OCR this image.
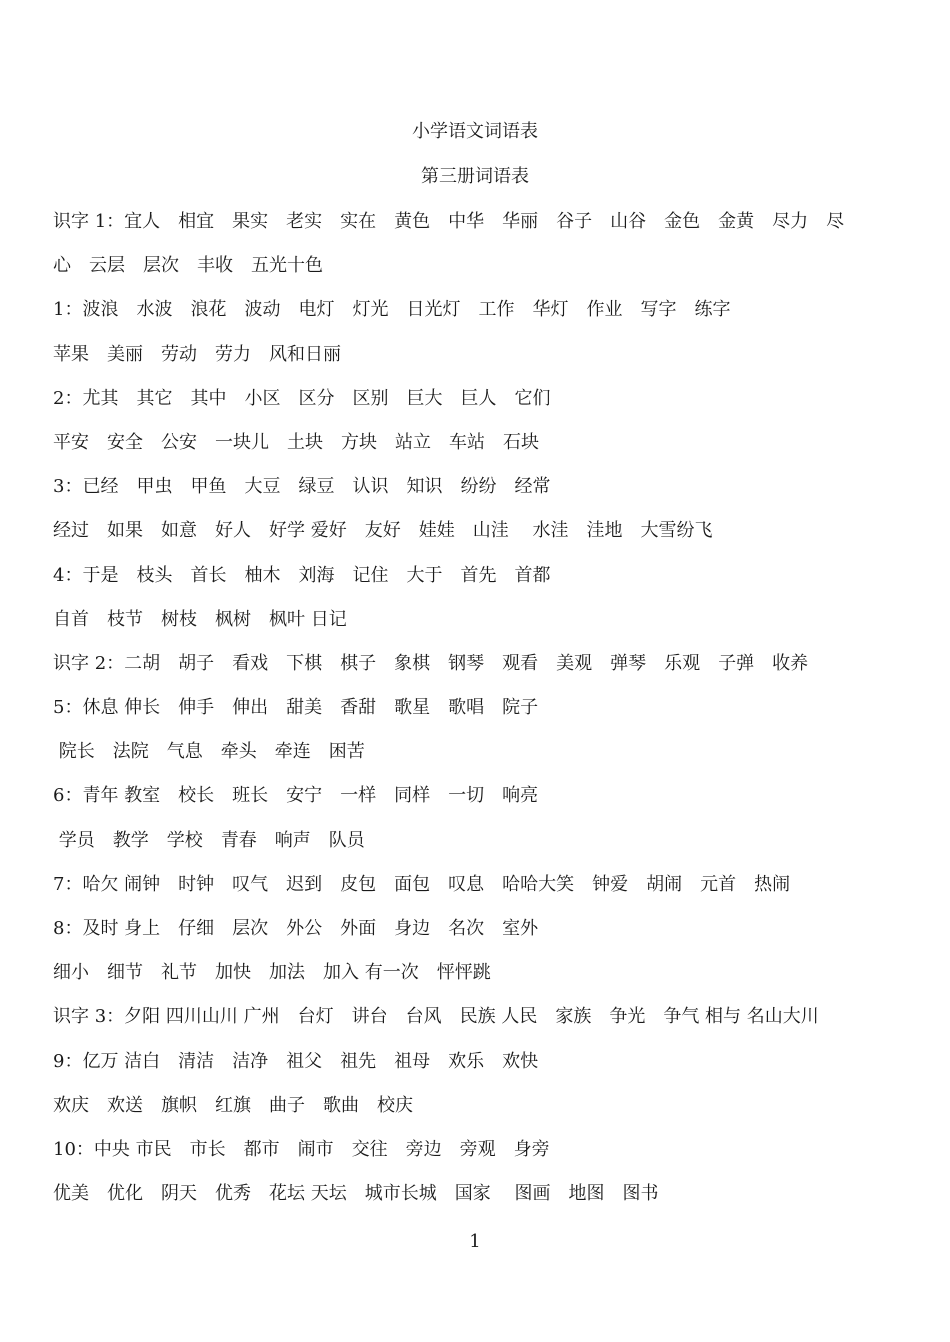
小学语文词语表
第三册词语表
识字 1：宜人　相宜　果实　老实　实在　黄色　中华　华丽　谷子　山谷　金色　金黄　尽力　尽
心　云层　层次　丰收　五光十色
1：波浪　水波　浪花　波动　电灯　灯光　日光灯　工作　华灯　作业　写字　练字
苹果　美丽　劳动　劳力　风和日丽
2：尤其　其它　其中　小区　区分　区别　巨大　巨人　它们
平安　安全　公安　一块儿　土块　方块　站立　车站　石块
3：已经　甲虫　甲鱼　大豆　绿豆　认识　知识　纷纷　经常
经过　如果　如意　好人　好学 爱好　友好　娃娃　山洼　 水洼　洼地　大雪纷飞
4：于是　枝头　首长　柚木　刘海　记住　大于　首先　首都
自首　枝节　树枝　枫树　枫叶 日记
识字 2：二胡　胡子　看戏　下棋　棋子　象棋　钢琴　观看　美观　弹琴　乐观　子弹　收养
5：休息 伸长　伸手　伸出　甜美　香甜　歌星　歌唱　院子
院长　法院　气息　牵头　牵连　困苦
6：青年 教室　校长　班长　安宁　一样　同样　一切　响亮
学员　教学　学校　青春　响声　队员
7：哈欠 闹钟　时钟　叹气　迟到　皮包　面包　叹息　哈哈大笑　钟爱　胡闹　元首　热闹
8：及时 身上　仔细　层次　外公　外面　身边　名次　室外
细小　细节　礼节　加快　加法　加入 有一次　怦怦跳
识字 3：夕阳 四川山川 广州　台灯　讲台　台风　民族 人民　家族　争光　争气 相与 名山大川
9：亿万 洁白　清洁　洁净　祖父　祖先　祖母　欢乐　欢快
欢庆　欢送　旗帜　红旗　曲子　歌曲　校庆
10：中央 市民　市长　都市　闹市　交往　旁边　旁观　身旁
优美　优化　阴天　优秀　花坛 天坛　城市长城　国家　 图画　地图　图书
1
